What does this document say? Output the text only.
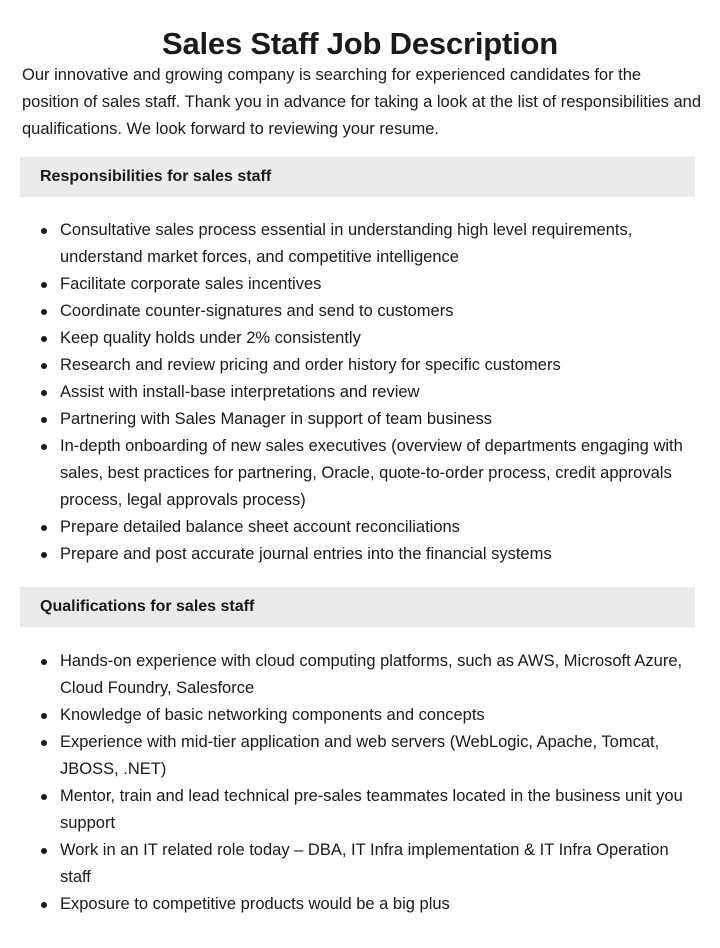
Sales Staff Job Description

Our innovative and growing company is searching for experienced candidates for the position of sales staff. Thank you in advance for taking a look at the list of responsibilities and qualifications. We look forward to reviewing your resume.

Responsibilities for sales staff
Consultative sales process essential in understanding high level requirements, understand market forces, and competitive intelligence
Facilitate corporate sales incentives
Coordinate counter-signatures and send to customers
Keep quality holds under 2% consistently
Research and review pricing and order history for specific customers
Assist with install-base interpretations and review
Partnering with Sales Manager in support of team business
In-depth onboarding of new sales executives (overview of departments engaging with sales, best practices for partnering, Oracle, quote-to-order process, credit approvals process, legal approvals process)
Prepare detailed balance sheet account reconciliations
Prepare and post accurate journal entries into the financial systems
Qualifications for sales staff
Hands-on experience with cloud computing platforms, such as AWS, Microsoft Azure, Cloud Foundry, Salesforce
Knowledge of basic networking components and concepts
Experience with mid-tier application and web servers (WebLogic, Apache, Tomcat, JBOSS, .NET)
Mentor, train and lead technical pre-sales teammates located in the business unit you support
Work in an IT related role today – DBA, IT Infra implementation & IT Infra Operation staff
Exposure to competitive products would be a big plus
